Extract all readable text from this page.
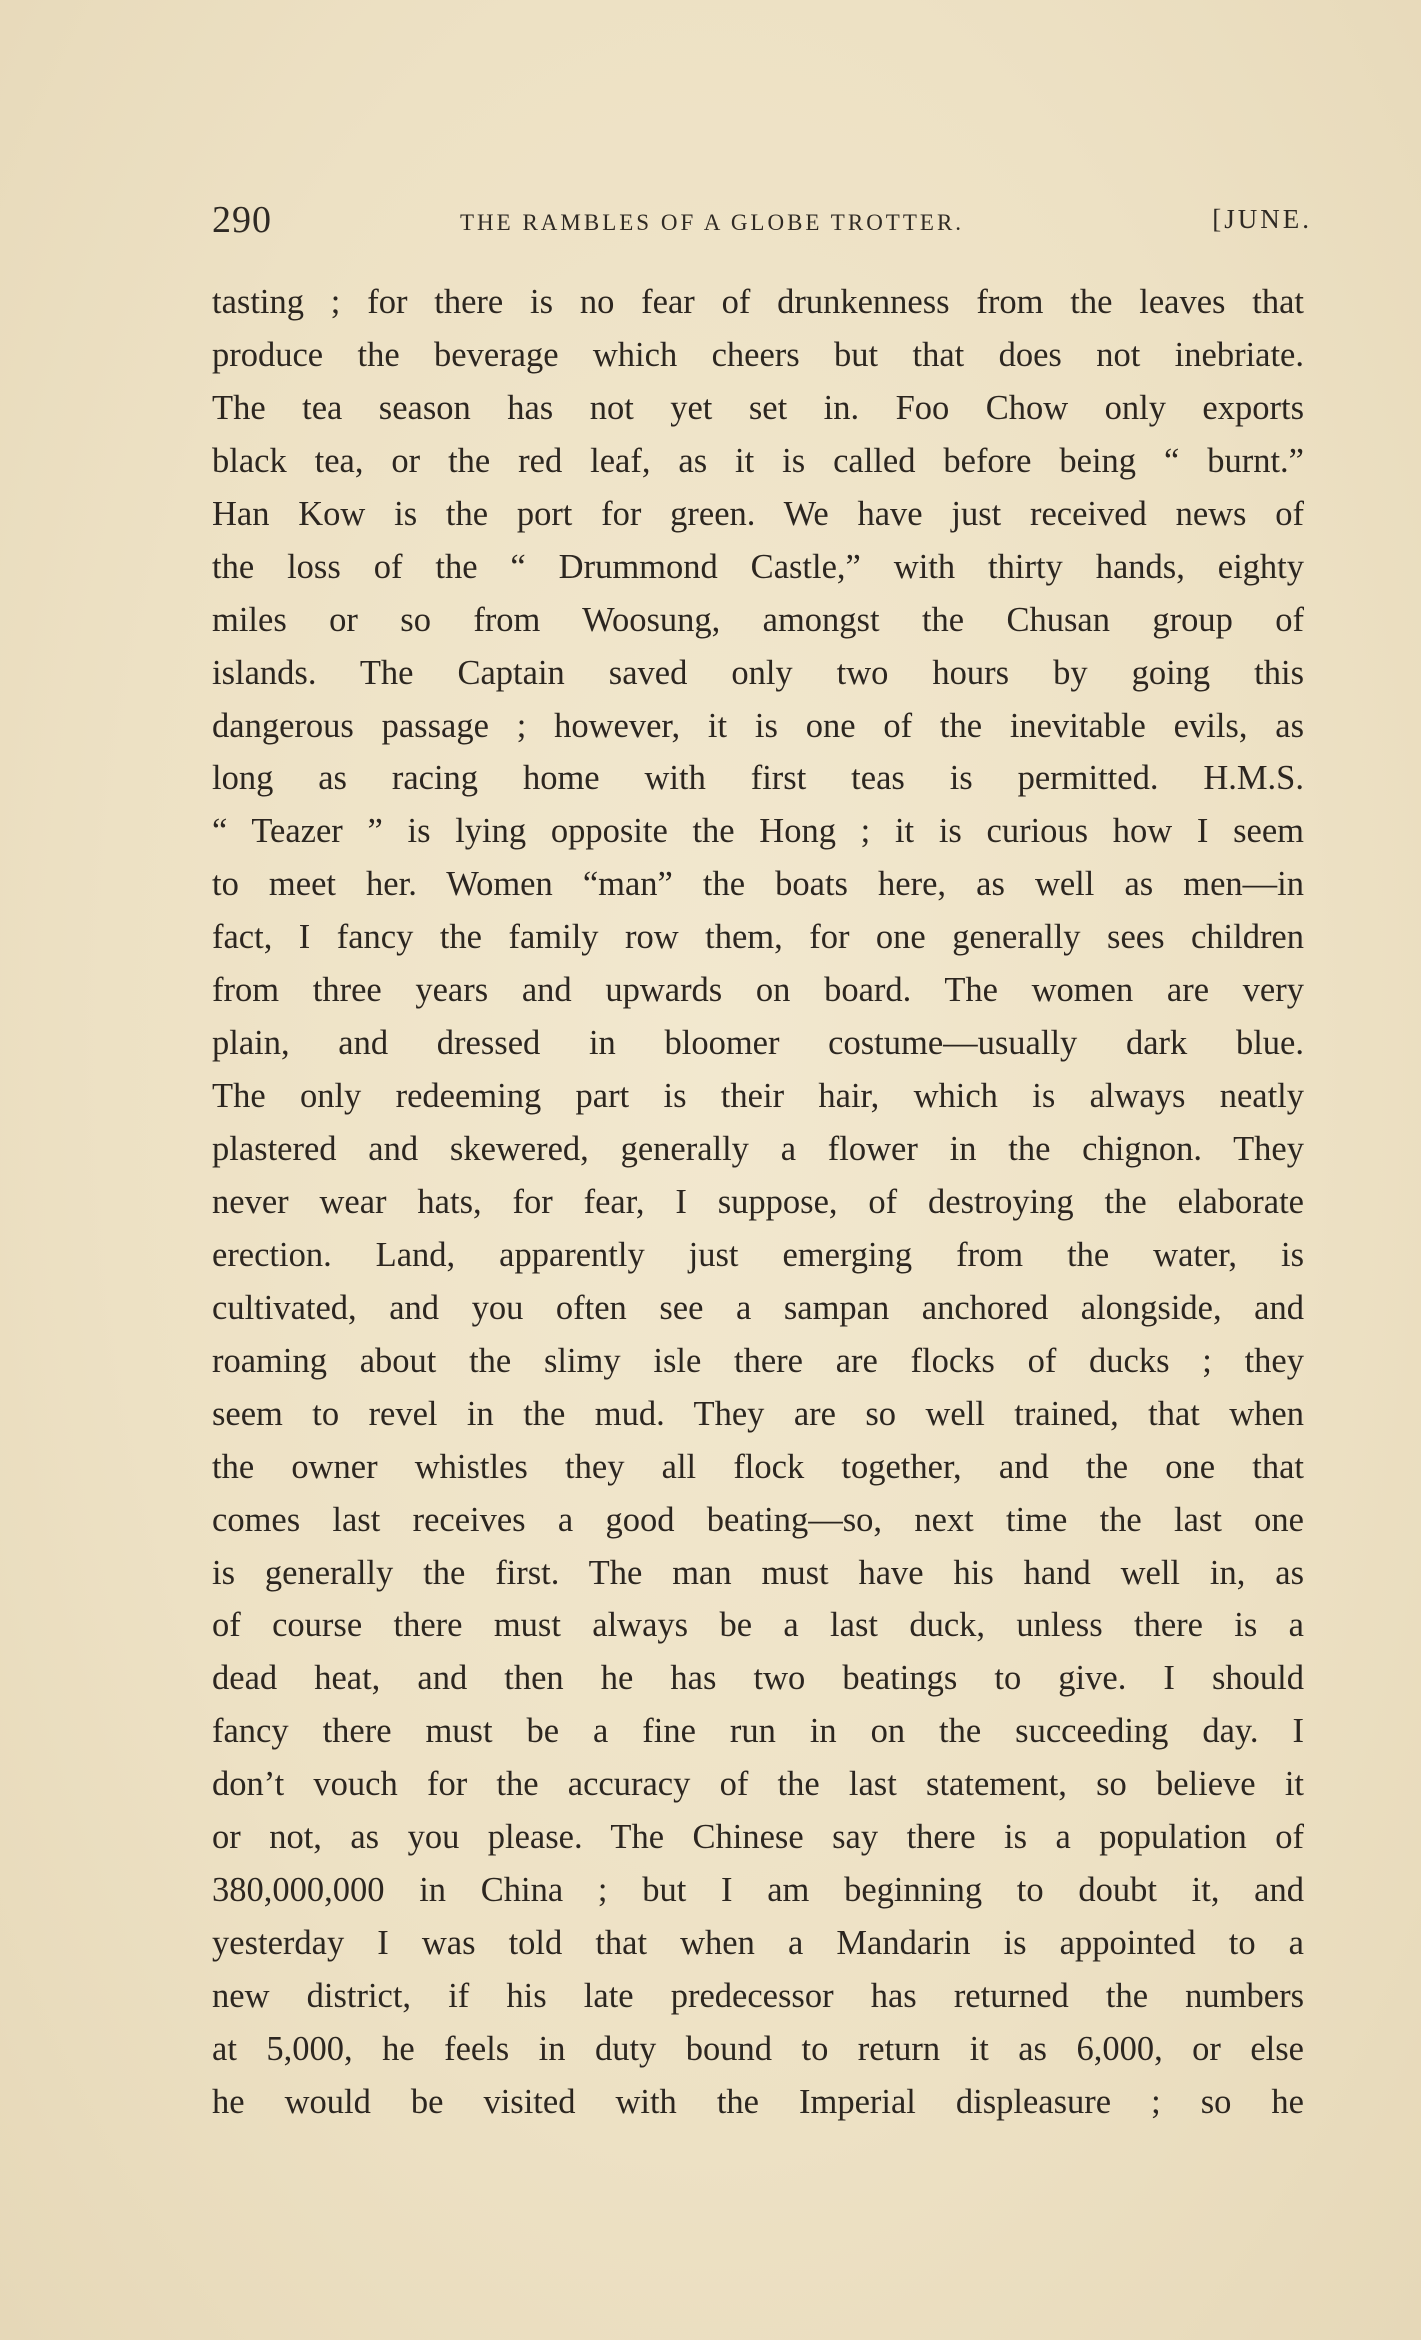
290	THE RAMBLES OF A GLOBE TROTTER.	[JUNE.
tasting ; for there is no fear of drunkenness from the leaves that
produce the beverage which cheers but that does not inebriate.
The tea season has not yet set in. Foo Chow only exports
black tea, or the red leaf, as it is called before being “ burnt.”
Han Kow is the port for green. We have just received news of
the loss of the “ Drummond Castle,” with thirty hands, eighty
miles or so from Woosung, amongst the Chusan group of
islands. The Captain saved only two hours by going this
dangerous passage ; however, it is one of the inevitable evils, as
long as racing home with first teas is permitted. H.M.S.
“ Teazer ” is lying opposite the Hong ; it is curious how I seem
to meet her. Women “man” the boats here, as well as men—in
fact, I fancy the family row them, for one generally sees children
from three years and upwards on board. The women are very
plain, and dressed in bloomer costume—usually dark blue.
The only redeeming part is their hair, which is always neatly
plastered and skewered, generally a flower in the chignon. They
never wear hats, for fear, I suppose, of destroying the elaborate
erection. Land, apparently just emerging from the water, is
cultivated, and you often see a sampan anchored alongside, and
roaming about the slimy isle there are flocks of ducks ; they
seem to revel in the mud. They are so well trained, that when
the owner whistles they all flock together, and the one that
comes last receives a good beating—so, next time the last one
is generally the first. The man must have his hand well in, as
of course there must always be a last duck, unless there is a
dead heat, and then he has two beatings to give. I should
fancy there must be a fine run in on the succeeding day. I
don’t vouch for the accuracy of the last statement, so believe it
or not, as you please. The Chinese say there is a population of
380,000,000 in China ; but I am beginning to doubt it, and
yesterday I was told that when a Mandarin is appointed to a
new district, if his late predecessor has returned the numbers
at 5,000, he feels in duty bound to return it as 6,000, or else
he would be visited with the Imperial displeasure ; so he
